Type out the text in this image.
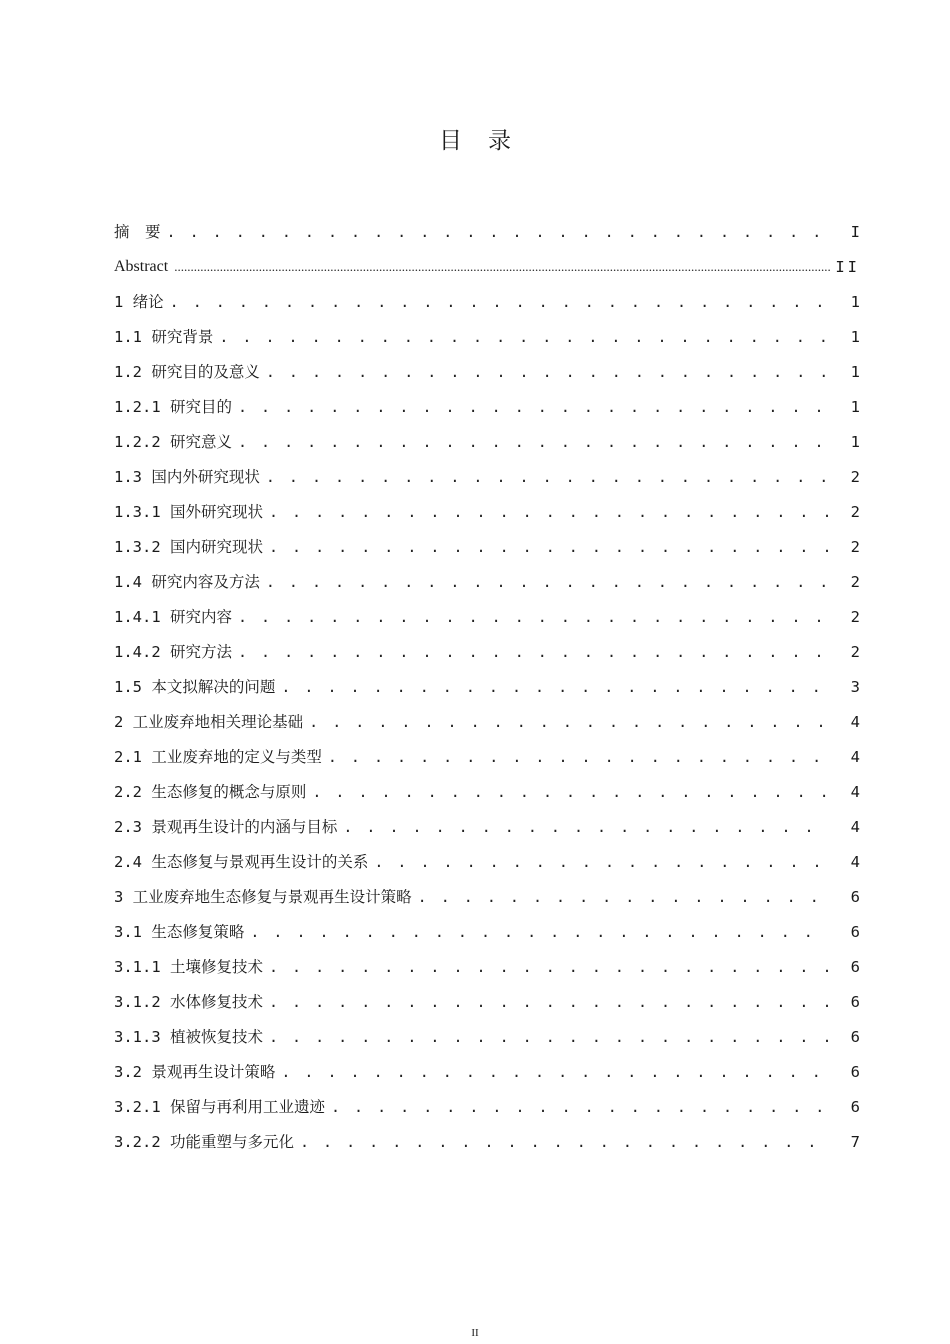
目 录
摘　要 . . .	I
Abstract .....	II
1 绪论 . . .	1
1.1 研究背景 . . .	1
1.2 研究目的及意义 . . .	1
1.2.1 研究目的 . . .	1
1.2.2 研究意义 . . .	1
1.3 国内外研究现状 . . .	2
1.3.1 国外研究现状 . . .	2
1.3.2 国内研究现状 . . .	2
1.4 研究内容及方法 . . .	2
1.4.1 研究内容 . . .	2
1.4.2 研究方法 . . .	2
1.5 本文拟解决的问题 . . .	3
2 工业废弃地相关理论基础 . . .	4
2.1 工业废弃地的定义与类型 . . .	4
2.2 生态修复的概念与原则 . . .	4
2.3 景观再生设计的内涵与目标 . . .	4
2.4 生态修复与景观再生设计的关系 . . .	4
3 工业废弃地生态修复与景观再生设计策略 . . .	6
3.1 生态修复策略 . . .	6
3.1.1 土壤修复技术 . . .	6
3.1.2 水体修复技术 . . .	6
3.1.3 植被恢复技术 . . .	6
3.2 景观再生设计策略 . . .	6
3.2.1 保留与再利用工业遗迹 . . .	6
3.2.2 功能重塑与多元化 . . .	7
II
